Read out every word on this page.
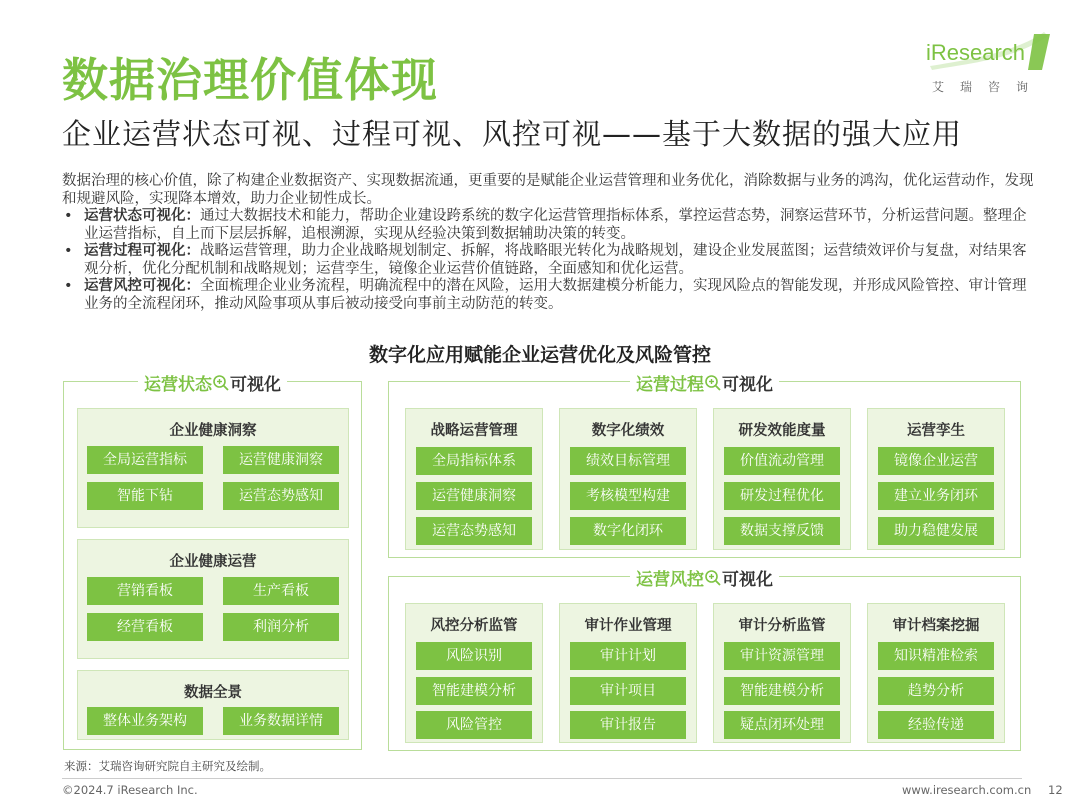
数据治理价值体现
iResearch
艾瑞咨询
企业运营状态可视、过程可视、风控可视——基于大数据的强大应用

数据治理的核心价值，除了构建企业数据资产、实现数据流通，更重要的是赋能企业运营管理和业务优化，消除数据与业务的鸿沟，优化运营动作，发现和规避风险，实现降本增效，助力企业韧性成长。

• 运营状态可视化：通过大数据技术和能力，帮助企业建设跨系统的数字化运营管理指标体系，掌控运营态势，洞察运营环节，分析运营问题。整理企业运营指标，自上而下层层拆解，追根溯源，实现从经验决策到数据辅助决策的转变。
• 运营过程可视化：战略运营管理，助力企业战略规划制定、拆解，将战略眼光转化为战略规划，建设企业发展蓝图；运营绩效评价与复盘，对结果客观分析，优化分配机制和战略规划；运营孪生，镜像企业运营价值链路，全面感知和优化运营。
• 运营风控可视化：全面梳理企业业务流程，明确流程中的潜在风险，运用大数据建模分析能力，实现风险点的智能发现，并形成风险管控、审计管理业务的全流程闭环，推动风险事项从事后被动接受向事前主动防范的转变。
数字化应用赋能企业运营优化及风险管控
运营状态 可视化
企业健康洞察
全局运营指标	运营健康洞察
智能下钻	运营态势感知
企业健康运营
营销看板	生产看板
经营看板	利润分析
数据全景
整体业务架构	业务数据详情
运营过程 可视化
战略运营管理
全局指标体系
运营健康洞察
运营态势感知
数字化绩效
绩效目标管理
考核模型构建
数字化闭环
研发效能度量
价值流动管理
研发过程优化
数据支撑反馈
运营孪生
镜像企业运营
建立业务闭环
助力稳健发展
运营风控 可视化
风控分析监管
风险识别
智能建模分析
风险管控
审计作业管理
审计计划
审计项目
审计报告
审计分析监管
审计资源管理
智能建模分析
疑点闭环处理
审计档案挖掘
知识精准检索
趋势分析
经验传递
来源：艾瑞咨询研究院自主研究及绘制。
©2024.7 iResearch Inc.	www.iresearch.com.cn 12
